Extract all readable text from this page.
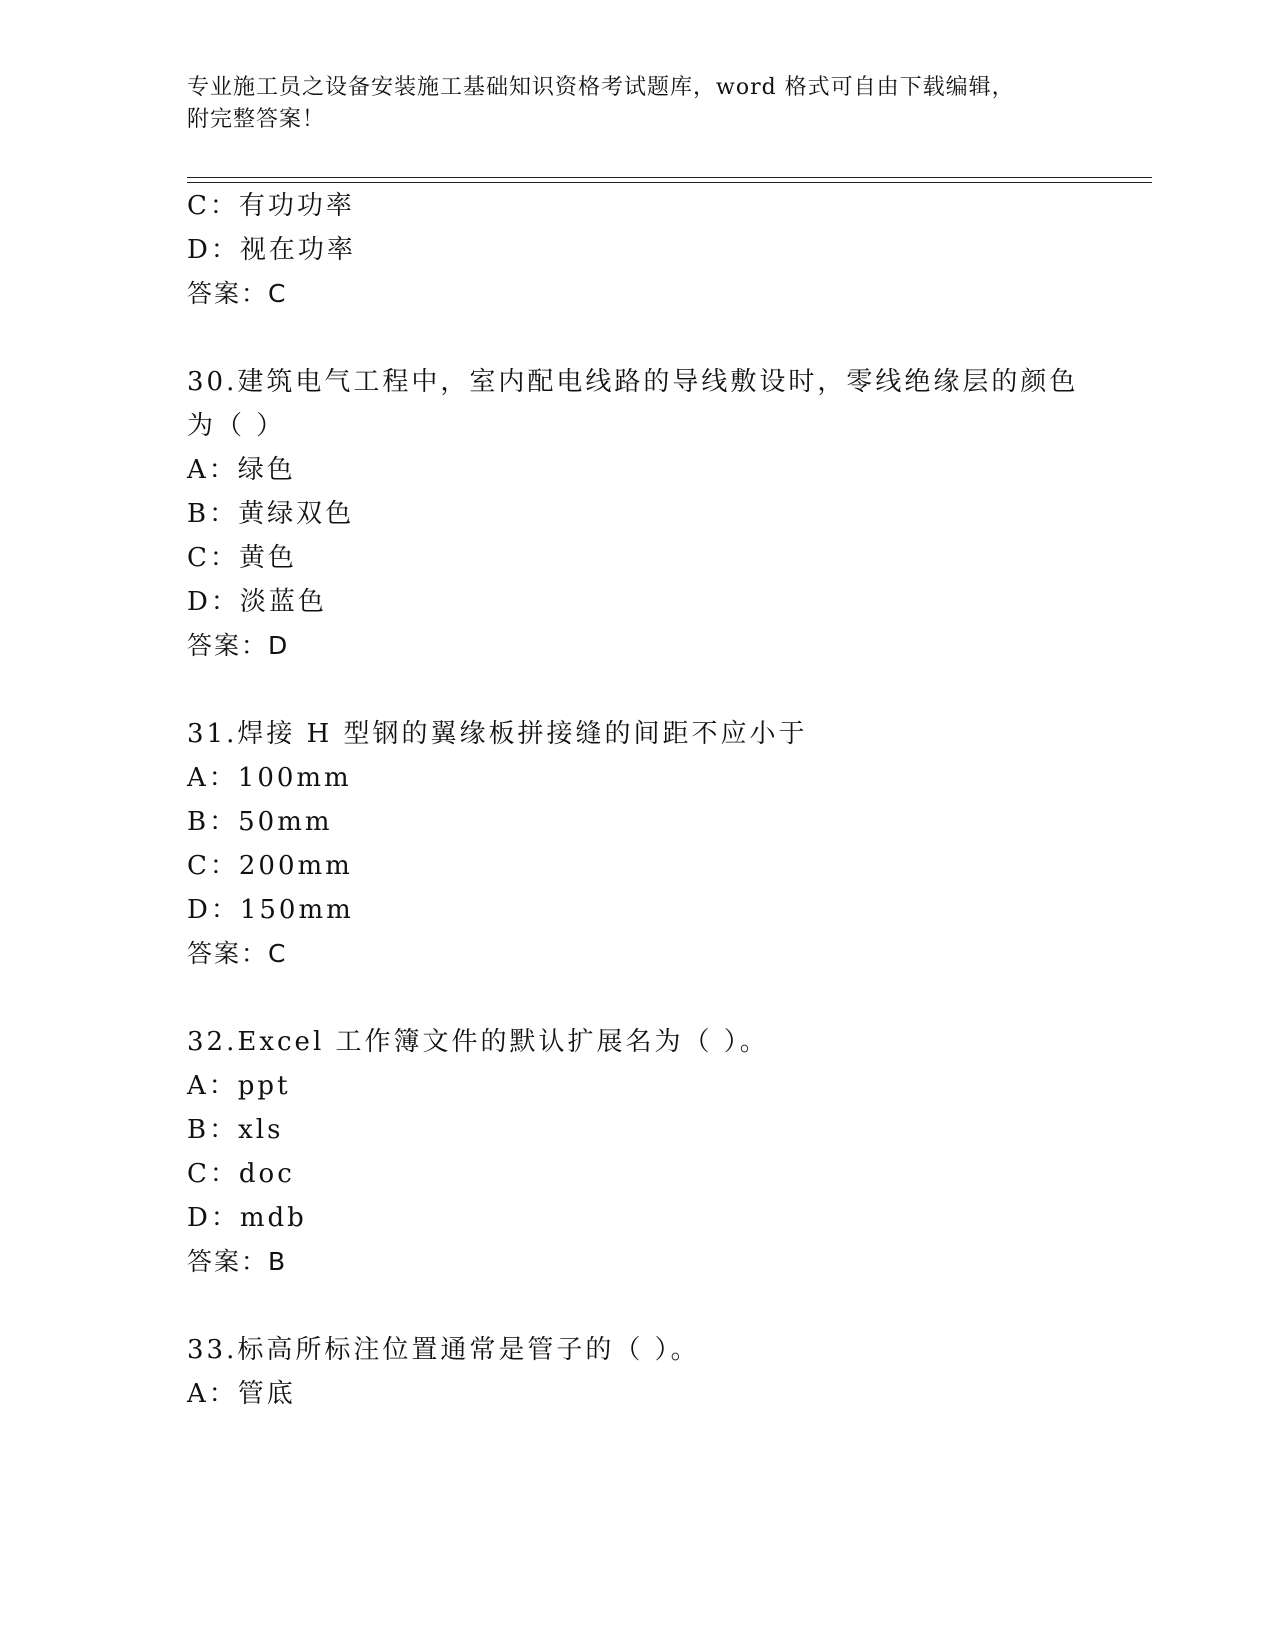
专业施工员之设备安装施工基础知识资格考试题库，word 格式可自由下载编辑，
附完整答案！
C：有功功率
D：视在功率
答案：C
30.建筑电气工程中，室内配电线路的导线敷设时，零线绝缘层的颜色
为（ ）
A：绿色
B：黄绿双色
C：黄色
D：淡蓝色
答案：D
31.焊接 H 型钢的翼缘板拼接缝的间距不应小于
A：100mm
B：50mm
C：200mm
D：150mm
答案：C
32.Excel 工作簿文件的默认扩展名为（ ）。
A：ppt
B：xls
C：doc
D：mdb
答案：B
33.标高所标注位置通常是管子的（ ）。
A：管底
